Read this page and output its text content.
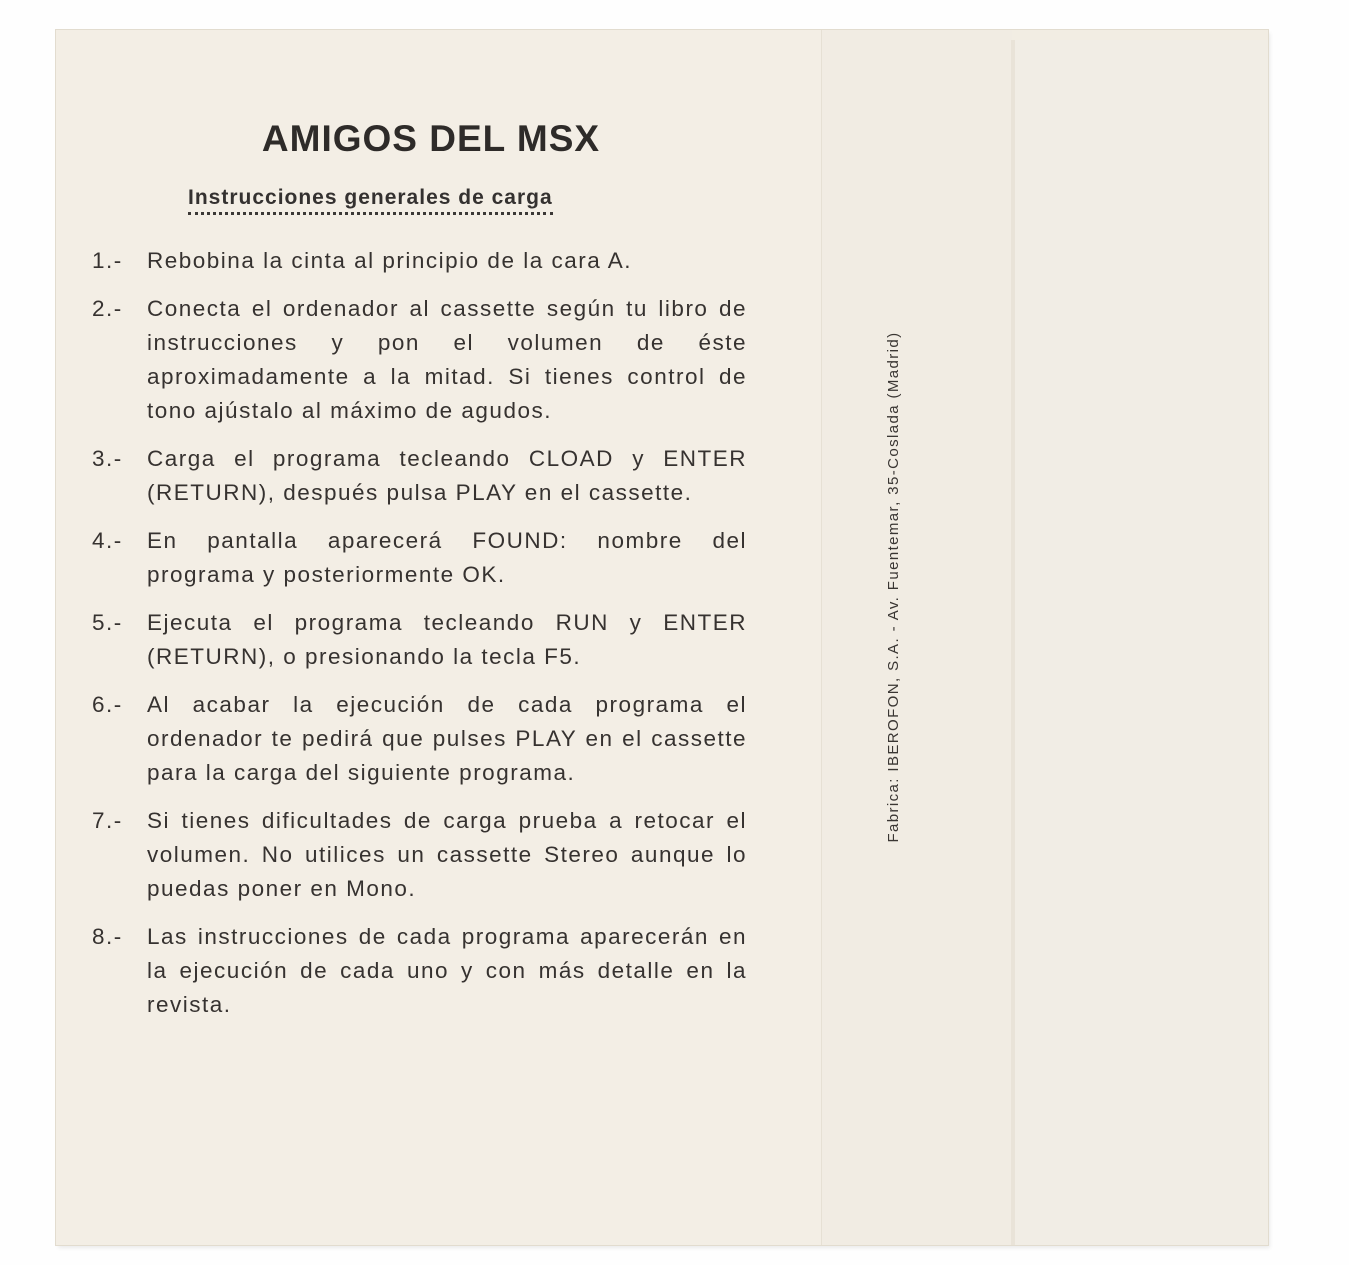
AMIGOS DEL MSX
Instrucciones generales de carga
1.-	Rebobina la cinta al principio de la cara A.
2.-	Conecta el ordenador al cassette según tu libro de instrucciones y pon el volumen de éste aproximadamente a la mitad. Si tienes control de tono ajústalo al máximo de agudos.
3.-	Carga el programa tecleando CLOAD y ENTER (RETURN), después pulsa PLAY en el cassette.
4.-	En pantalla aparecerá FOUND: nombre del programa y posteriormente OK.
5.-	Ejecuta el programa tecleando RUN y ENTER (RETURN), o presionando la tecla F5.
6.-	Al acabar la ejecución de cada programa el ordenador te pedirá que pulses PLAY en el cassette para la carga del siguiente programa.
7.-	Si tienes dificultades de carga prueba a retocar el volumen. No utilices un cassette Stereo aunque lo puedas poner en Mono.
8.-	Las instrucciones de cada programa aparecerán en la ejecución de cada uno y con más detalle en la revista.
Fabrica: IBEROFON, S.A. - Av. Fuentemar, 35-Coslada (Madrid)
